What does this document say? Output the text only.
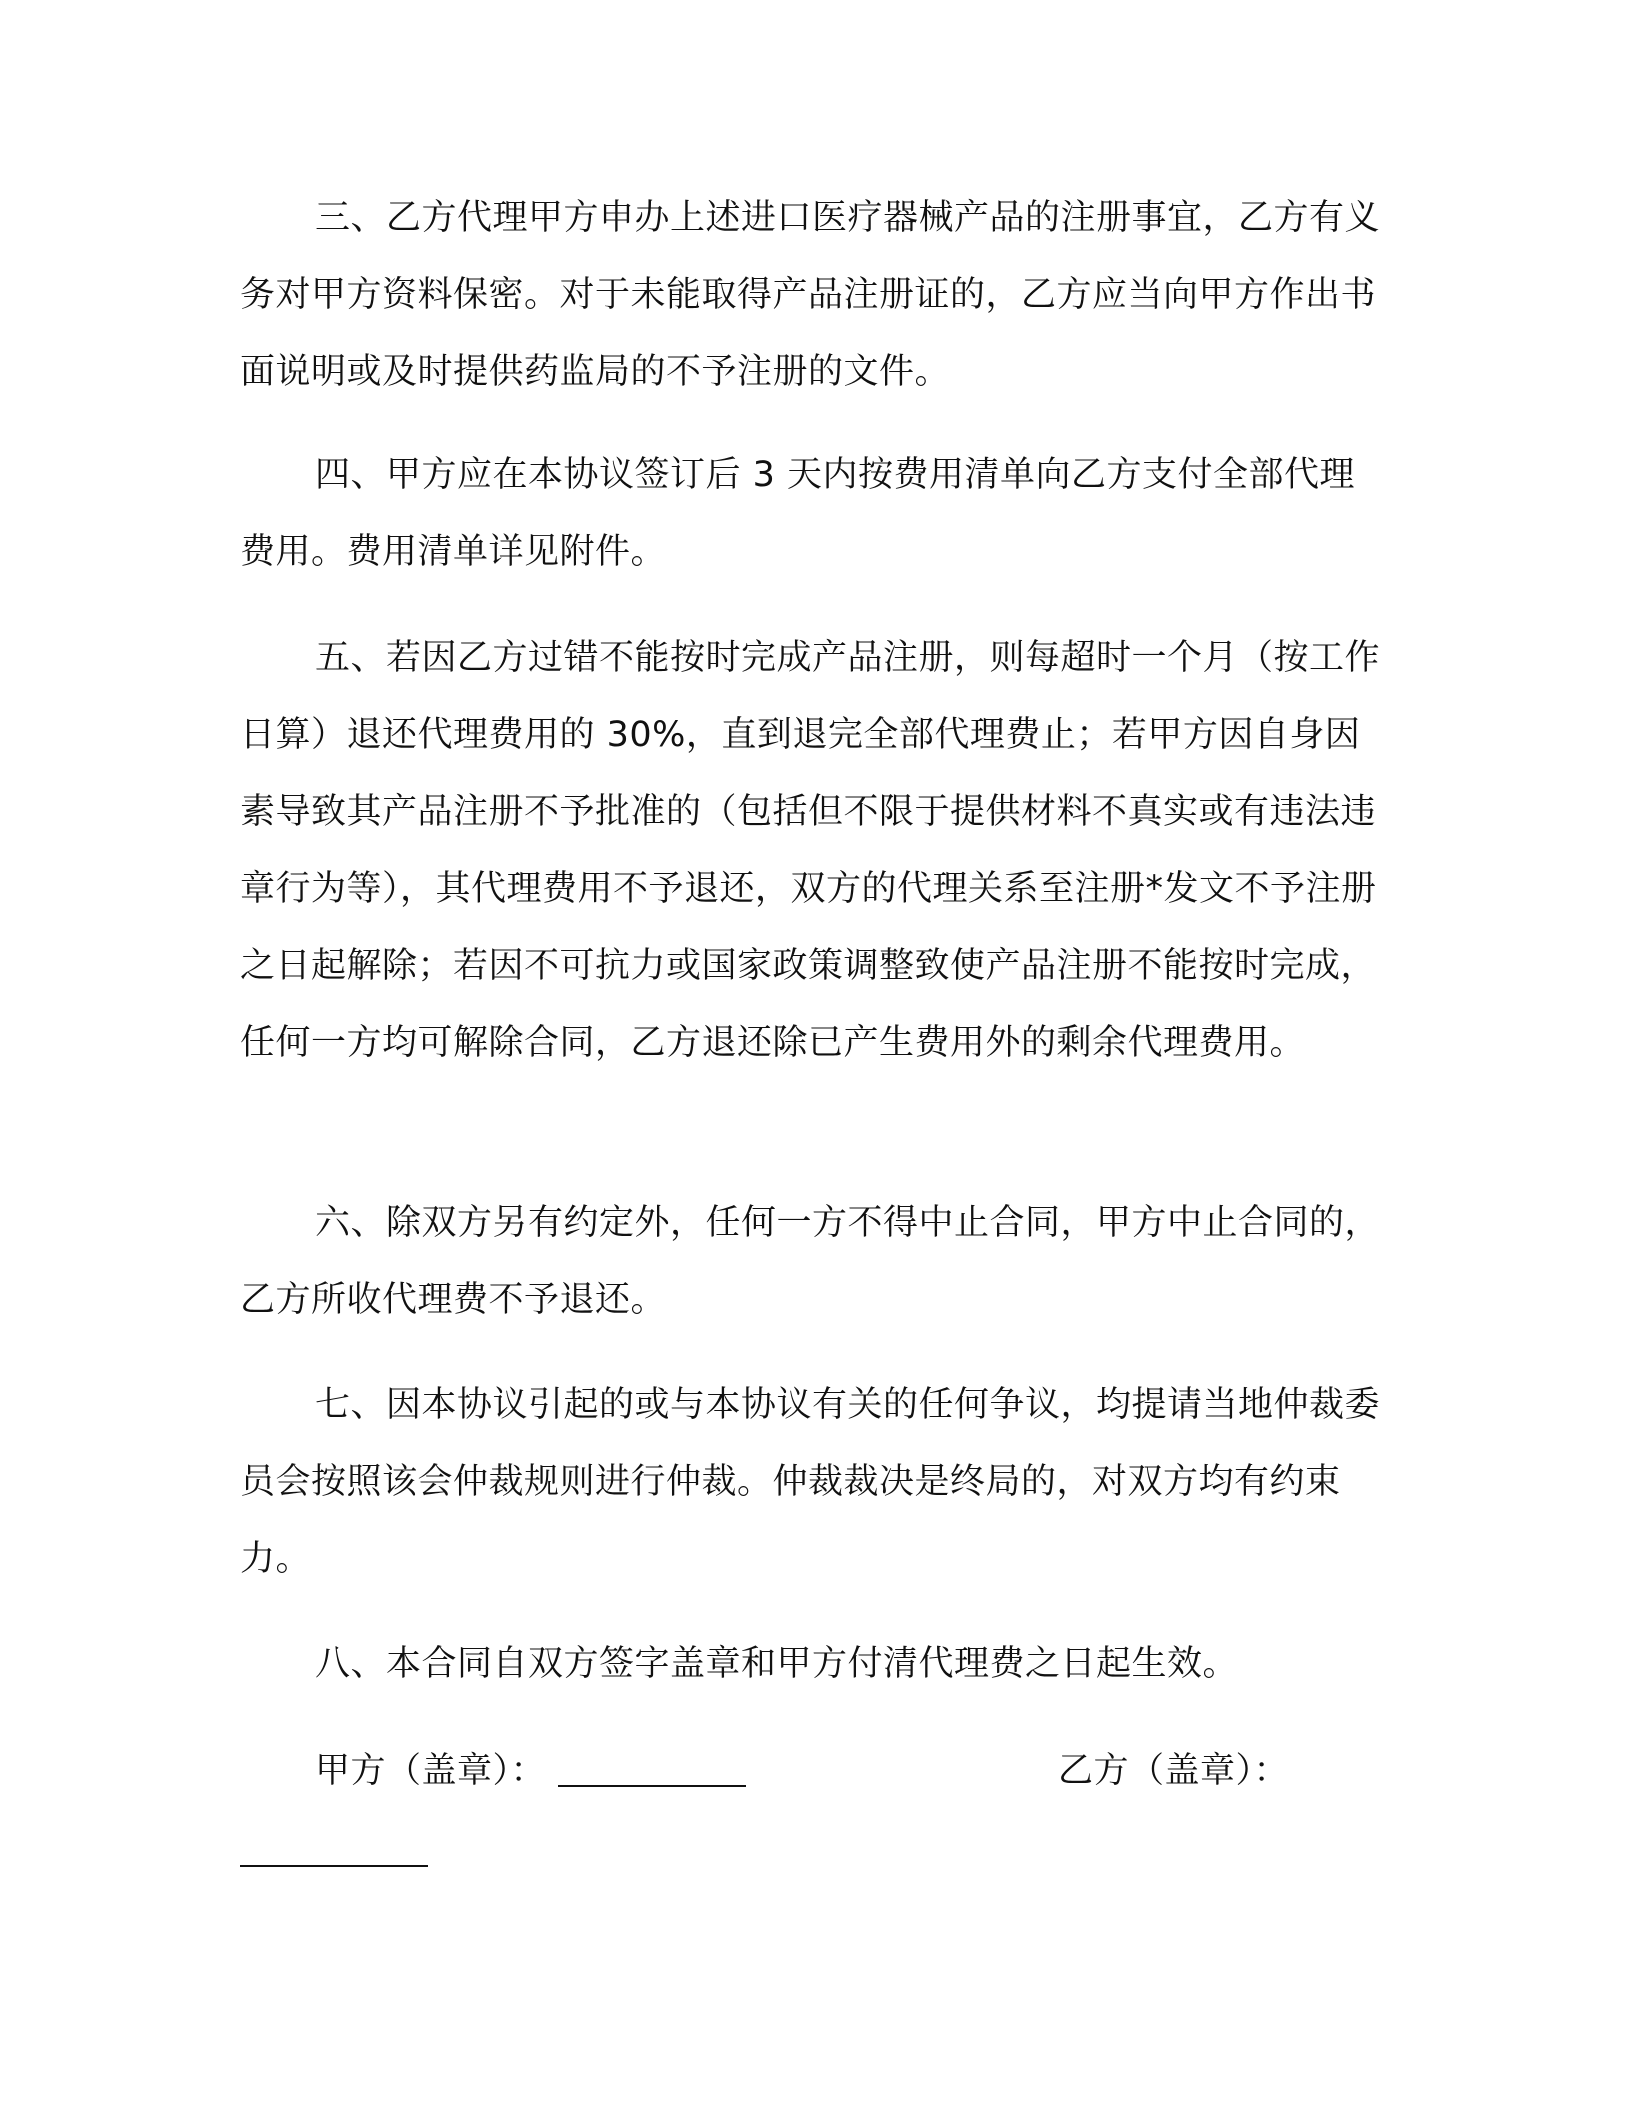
三、乙方代理甲方申办上述进口医疗器械产品的注册事宜，乙方有义务对甲方资料保密。对于未能取得产品注册证的，乙方应当向甲方作出书面说明或及时提供药监局的不予注册的文件。

四、甲方应在本协议签订后 3 天内按费用清单向乙方支付全部代理费用。费用清单详见附件。

五、若因乙方过错不能按时完成产品注册，则每超时一个月（按工作日算）退还代理费用的 30%，直到退完全部代理费止；若甲方因自身因素导致其产品注册不予批准的（包括但不限于提供材料不真实或有违法违章行为等），其代理费用不予退还，双方的代理关系至注册*发文不予注册之日起解除；若因不可抗力或国家政策调整致使产品注册不能按时完成，任何一方均可解除合同，乙方退还除已产生费用外的剩余代理费用。

六、除双方另有约定外，任何一方不得中止合同，甲方中止合同的，乙方所收代理费不予退还。

七、因本协议引起的或与本协议有关的任何争议，均提请当地仲裁委员会按照该会仲裁规则进行仲裁。仲裁裁决是终局的，对双方均有约束力。

八、本合同自双方签字盖章和甲方付清代理费之日起生效。

甲方（盖章）：	乙方（盖章）：
